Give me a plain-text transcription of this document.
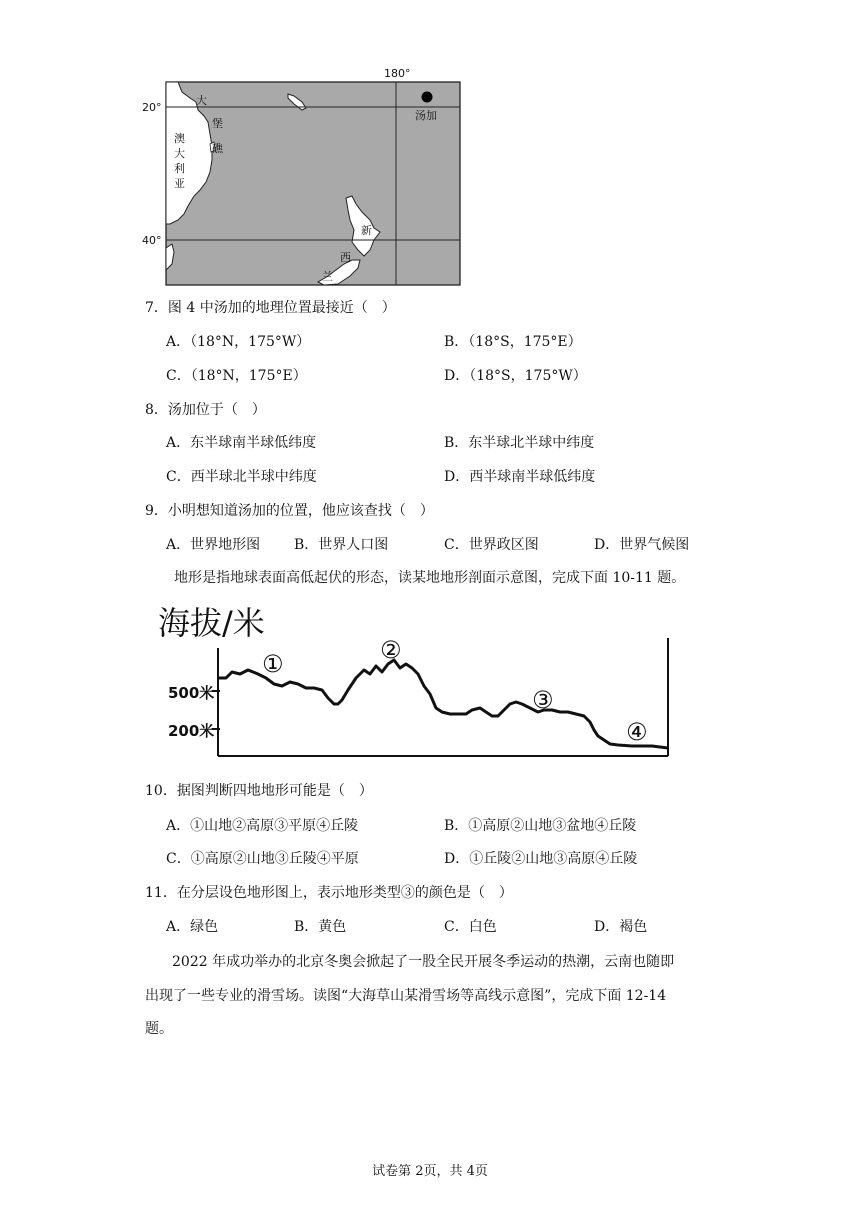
180°
20°
40°
汤加
澳
大
利
亚
大
堡
礁
新
西
兰
7．图 4 中汤加的地理位置最接近（　）
A．（18°N，175°W）	B．（18°S，175°E）
C．（18°N，175°E）	D．（18°S，175°W）
8．汤加位于（　）
A．东半球南半球低纬度	B．东半球北半球中纬度
C．西半球北半球中纬度	D．西半球南半球低纬度
9．小明想知道汤加的位置，他应该查找（　）
A．世界地形图 B．世界人口图	C．世界政区图	D．世界气候图
地形是指地球表面高低起伏的形态，读某地地形剖面示意图，完成下面 10-11 题。
海拔/米
500米
200米
①	②
③
④
10．据图判断四地地形可能是（　）
A．①山地②高原③平原④丘陵	B．①高原②山地③盆地④丘陵
C．①高原②山地③丘陵④平原	D．①丘陵②山地③高原④丘陵
11．在分层设色地形图上，表示地形类型③的颜色是（　）
A．绿色	B．黄色	C．白色	D．褐色
2022 年成功举办的北京冬奥会掀起了一股全民开展冬季运动的热潮，云南也随即
出现了一些专业的滑雪场。读图“大海草山某滑雪场等高线示意图”，完成下面 12-14
题。
试卷第 2页，共 4页
